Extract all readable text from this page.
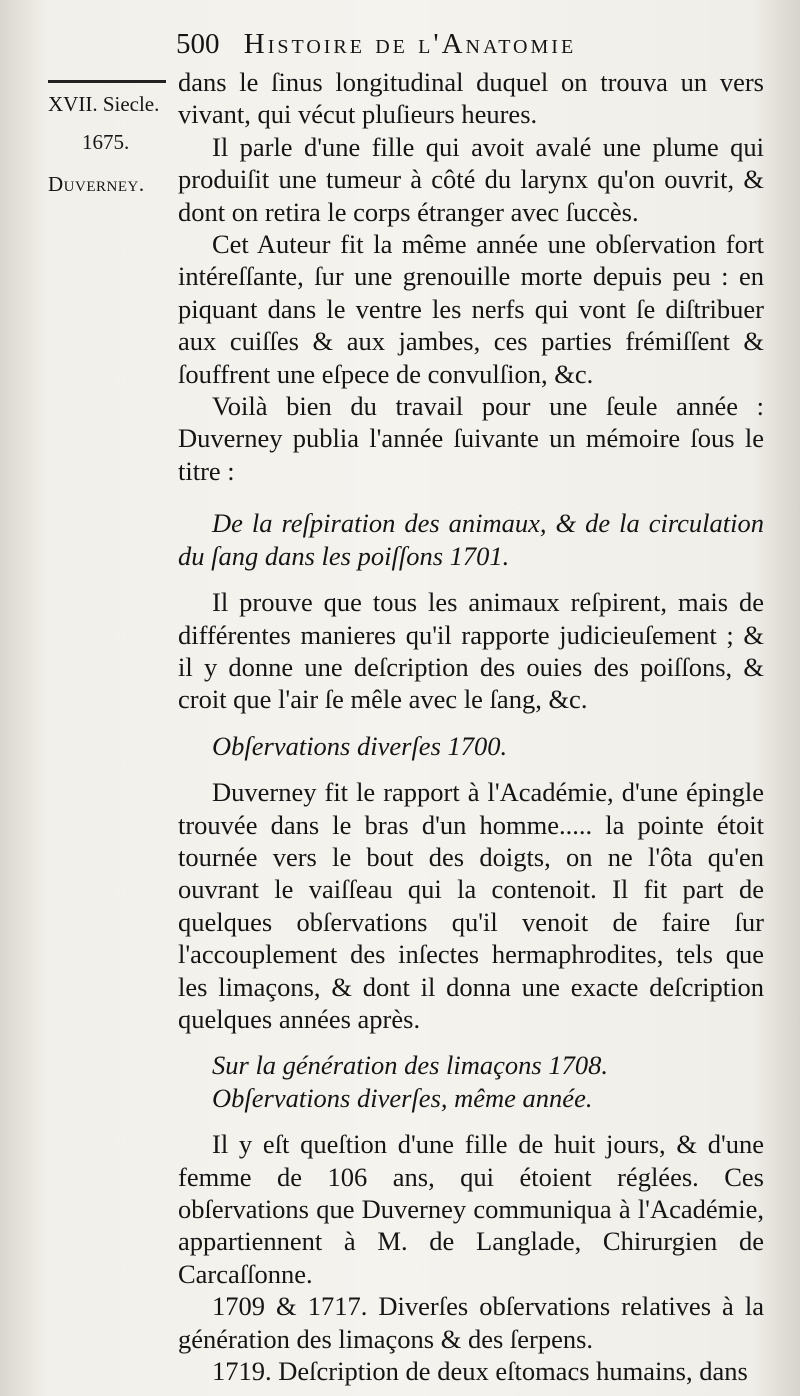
500 Histoire de l'Anatomie
XVII. Siecle.
1675.
Duverney.

dans le ſinus longitudinal duquel on trouva un vers vivant, qui vécut pluſieurs heures.

Il parle d'une fille qui avoit avalé une plume qui produiſit une tumeur à côté du larynx qu'on ouvrit, & dont on retira le corps étranger avec ſuccès.

Cet Auteur fit la même année une obſervation fort intéreſſante, ſur une grenouille morte depuis peu : en piquant dans le ventre les nerfs qui vont ſe diſtribuer aux cuiſſes & aux jambes, ces parties frémiſſent & ſouffrent une eſpece de convulſion, &c.

Voilà bien du travail pour une ſeule année : Duverney publia l'année ſuivante un mémoire ſous le titre :

De la reſpiration des animaux, & de la circulation du ſang dans les poiſſons 1701.

Il prouve que tous les animaux reſpirent, mais de différentes manieres qu'il rapporte judicieuſement ; & il y donne une deſcription des ouies des poiſſons, & croit que l'air ſe mêle avec le ſang, &c.

Obſervations diverſes 1700.

Duverney fit le rapport à l'Académie, d'une épingle trouvée dans le bras d'un homme..... la pointe étoit tournée vers le bout des doigts, on ne l'ôta qu'en ouvrant le vaiſſeau qui la contenoit. Il fit part de quelques obſervations qu'il venoit de faire ſur l'accouplement des inſectes hermaphrodites, tels que les limaçons, & dont il donna une exacte deſcription quelques années après.

Sur la génération des limaçons 1708.

Obſervations diverſes, même année.

Il y eſt queſtion d'une fille de huit jours, & d'une femme de 106 ans, qui étoient réglées. Ces obſervations que Duverney communiqua à l'Académie, appartiennent à M. de Langlade, Chirurgien de Carcaſſonne.

1709 & 1717. Diverſes obſervations relatives à la génération des limaçons & des ſerpens.

1719. Deſcription de deux eſtomacs humains, dans
